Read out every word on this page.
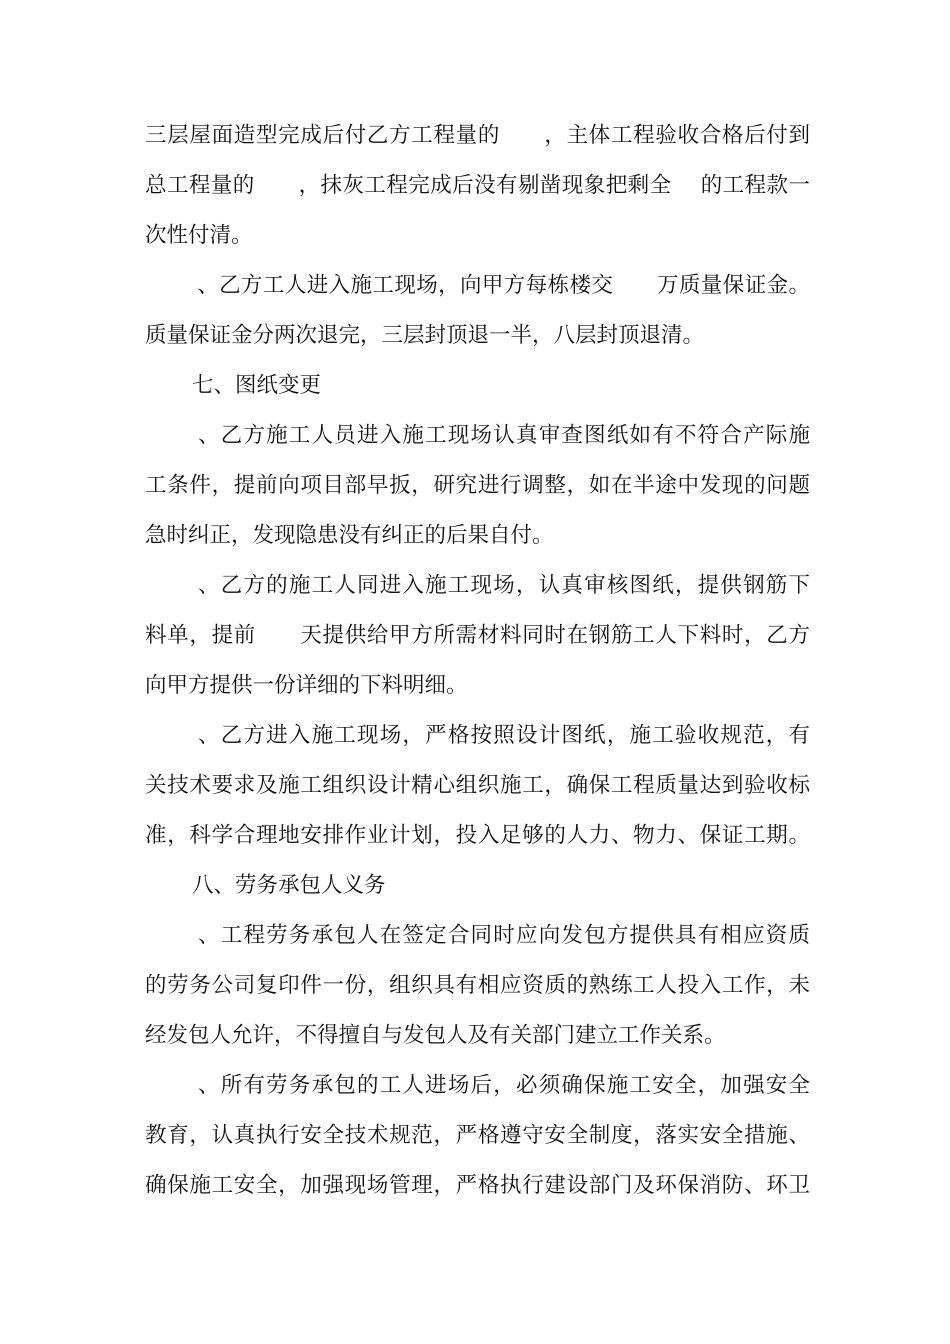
三层屋面造型完成后付乙方工程量的　　，主体工程验收合格后付到
总工程量的　　，抹灰工程完成后没有剔凿现象把剩全　 的工程款一
次性付清。
、乙方工人进入施工现场，向甲方每栋楼交　　万质量保证金。
质量保证金分两次退完，三层封顶退一半，八层封顶退清。
七、图纸变更
、乙方施工人员进入施工现场认真审查图纸如有不符合产际施
工条件，提前向项目部早扳，研究进行调整，如在半途中发现的问题
急时纠正，发现隐患没有纠正的后果自付。
、乙方的施工人同进入施工现场，认真审核图纸，提供钢筋下
料单，提前　　天提供给甲方所需材料同时在钢筋工人下料时，乙方
向甲方提供一份详细的下料明细。
、乙方进入施工现场，严格按照设计图纸，施工验收规范，有
关技术要求及施工组织设计精心组织施工，确保工程质量达到验收标
准，科学合理地安排作业计划，投入足够的人力、物力、保证工期。
八、劳务承包人义务
、工程劳务承包人在签定合同时应向发包方提供具有相应资质
的劳务公司复印件一份，组织具有相应资质的熟练工人投入工作，未
经发包人允许，不得擅自与发包人及有关部门建立工作关系。
、所有劳务承包的工人进场后，必须确保施工安全，加强安全
教育，认真执行安全技术规范，严格遵守安全制度，落实安全措施、
确保施工安全，加强现场管理，严格执行建设部门及环保消防、环卫
